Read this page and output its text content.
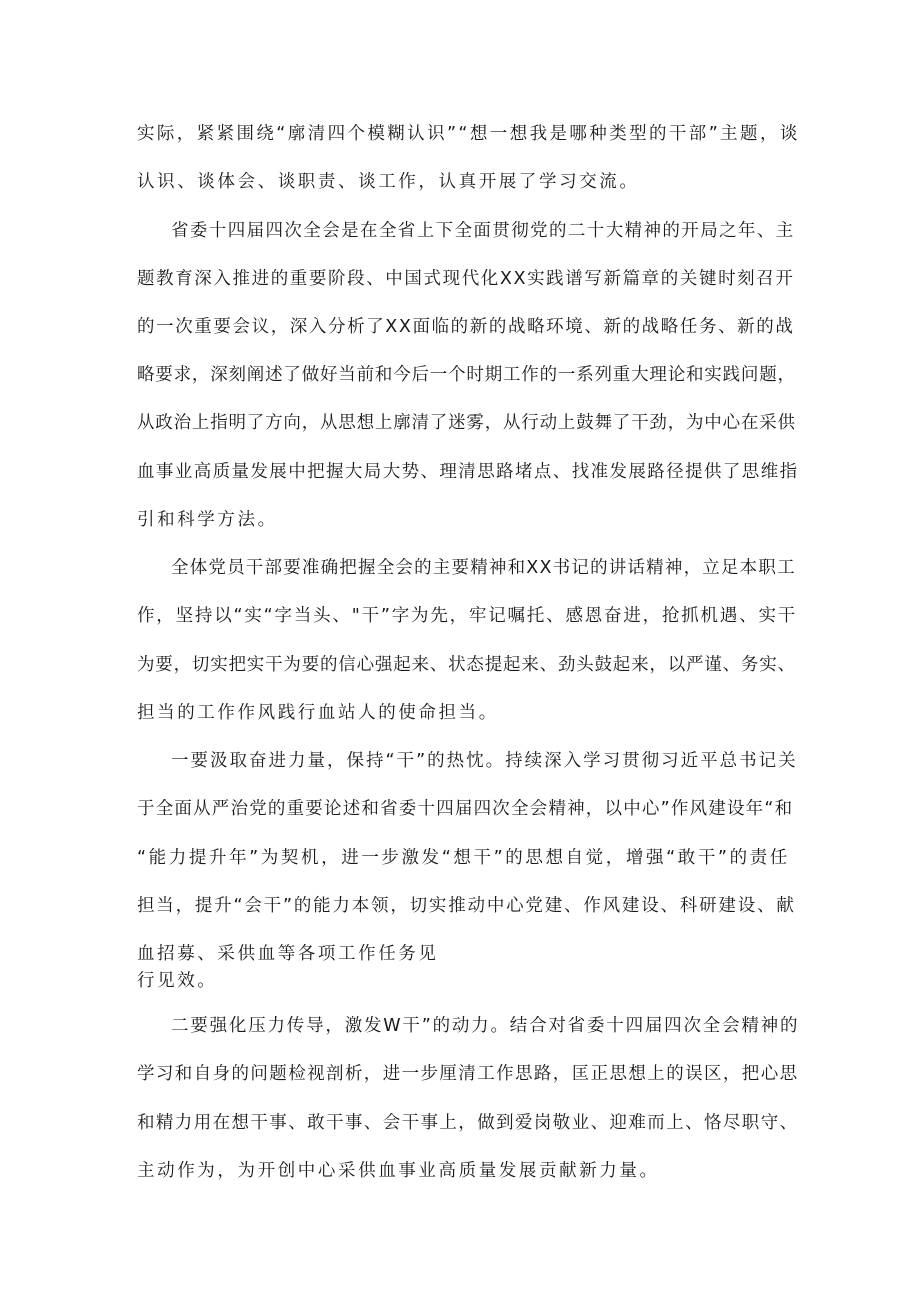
实际，紧紧围绕“廓清四个模糊认识”“想一想我是哪种类型的干部”主题，谈
认识、谈体会、谈职责、谈工作，认真开展了学习交流。
省委十四届四次全会是在全省上下全面贯彻党的二十大精神的开局之年、主
题教育深入推进的重要阶段、中国式现代化XX实践谱写新篇章的关键时刻召开
的一次重要会议，深入分析了XX面临的新的战略环境、新的战略任务、新的战
略要求，深刻阐述了做好当前和今后一个时期工作的一系列重大理论和实践问题，
从政治上指明了方向，从思想上廓清了迷雾，从行动上鼓舞了干劲，为中心在采供
血事业高质量发展中把握大局大势、理清思路堵点、找准发展路径提供了思维指
引和科学方法。
全体党员干部要准确把握全会的主要精神和XX书记的讲话精神，立足本职工
作，坚持以“实“字当头、"干”字为先，牢记嘱托、感恩奋进，抢抓机遇、实干
为要，切实把实干为要的信心强起来、状态提起来、劲头鼓起来，以严谨、务实、
担当的工作作风践行血站人的使命担当。
一要汲取奋进力量，保持“干”的热忱。持续深入学习贯彻习近平总书记关
于全面从严治党的重要论述和省委十四届四次全会精神，以中心”作风建设年“和
“能力提升年”为契机，进一步激发“想干”的思想自觉，增强“敢干”的责任
担当，提升“会干”的能力本领，切实推动中心党建、作风建设、科研建设、献
血招募、采供血等各项工作任务见
行见效。
二要强化压力传导，激发W干”的动力。结合对省委十四届四次全会精神的
学习和自身的问题检视剖析，进一步厘清工作思路，匡正思想上的误区，把心思
和精力用在想干事、敢干事、会干事上，做到爱岗敬业、迎难而上、恪尽职守、
主动作为，为开创中心采供血事业高质量发展贡献新力量。
